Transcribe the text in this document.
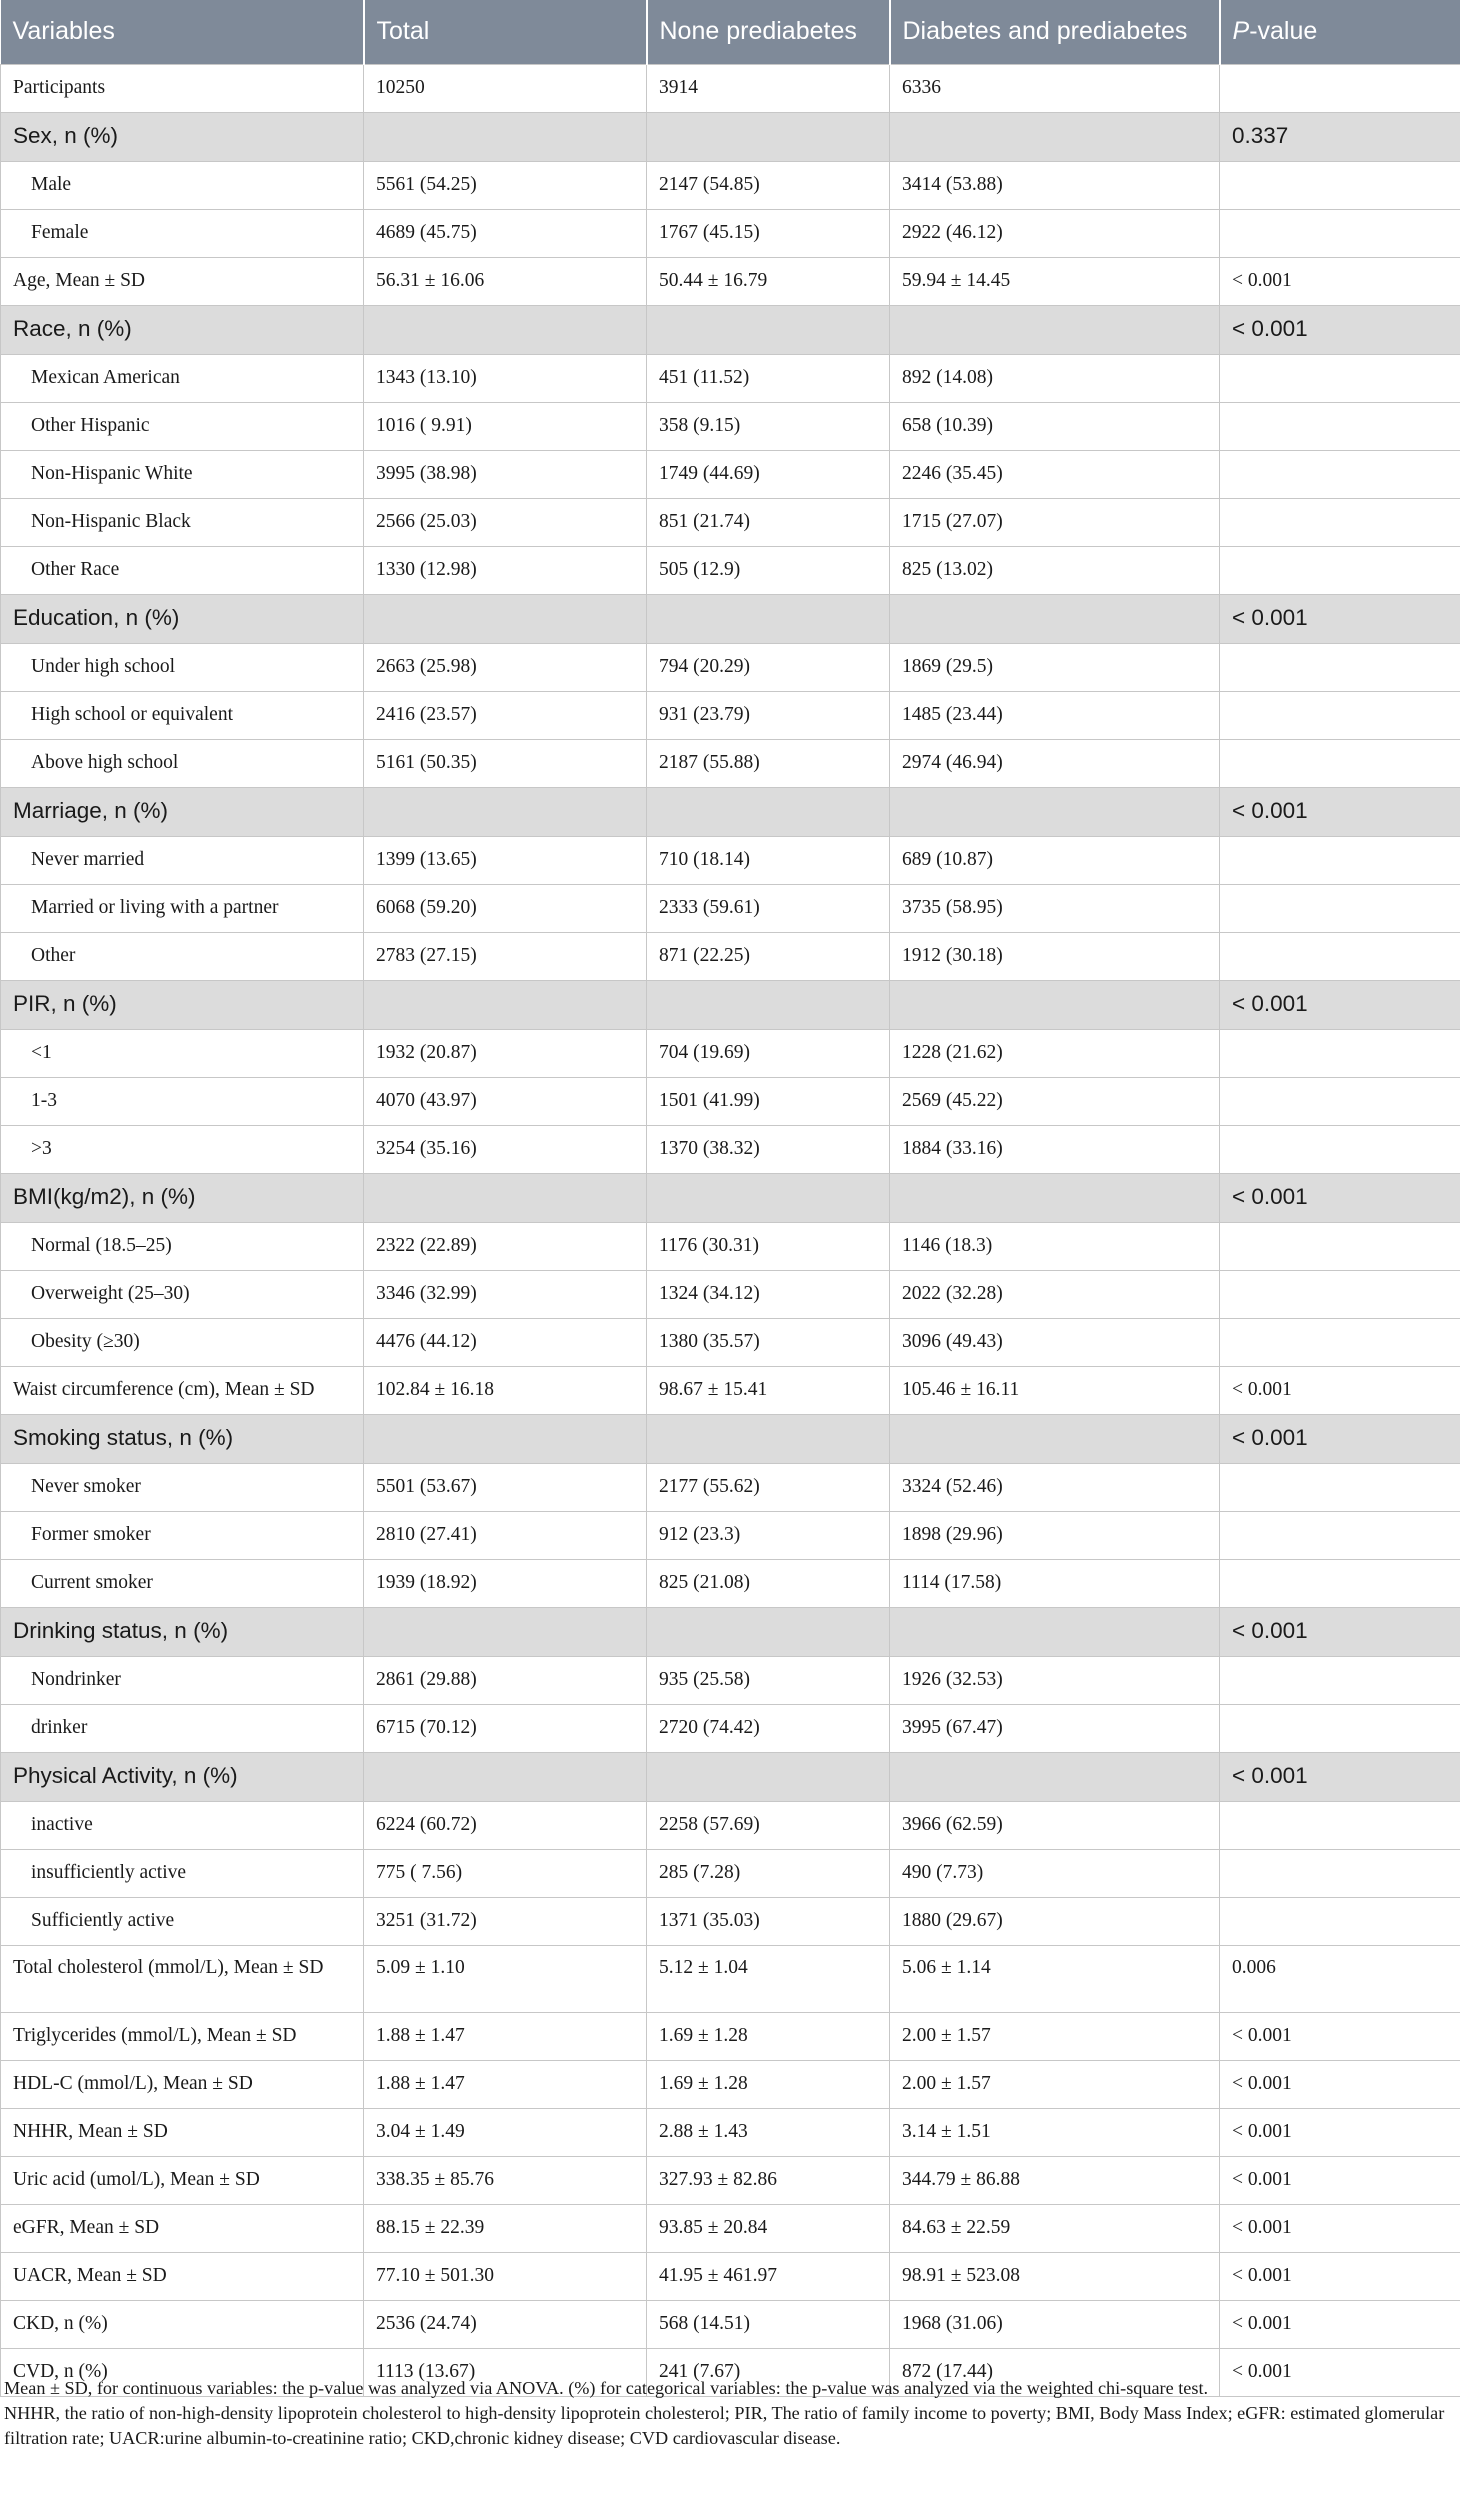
Variables	Total	None prediabetes	Diabetes and prediabetes	P-value
Participants	10250	3914	6336	
Sex, n (%)				0.337
Male	5561 (54.25)	2147 (54.85)	3414 (53.88)	
Female	4689 (45.75)	1767 (45.15)	2922 (46.12)	
Age, Mean ± SD	56.31 ± 16.06	50.44 ± 16.79	59.94 ± 14.45	< 0.001
Race, n (%)				< 0.001
Mexican American	1343 (13.10)	451 (11.52)	892 (14.08)	
Other Hispanic	1016 ( 9.91)	358 (9.15)	658 (10.39)	
Non-Hispanic White	3995 (38.98)	1749 (44.69)	2246 (35.45)	
Non-Hispanic Black	2566 (25.03)	851 (21.74)	1715 (27.07)	
Other Race	1330 (12.98)	505 (12.9)	825 (13.02)	
Education, n (%)				< 0.001
Under high school	2663 (25.98)	794 (20.29)	1869 (29.5)	
High school or equivalent	2416 (23.57)	931 (23.79)	1485 (23.44)	
Above high school	5161 (50.35)	2187 (55.88)	2974 (46.94)	
Marriage, n (%)				< 0.001
Never married	1399 (13.65)	710 (18.14)	689 (10.87)	
Married or living with a partner	6068 (59.20)	2333 (59.61)	3735 (58.95)	
Other	2783 (27.15)	871 (22.25)	1912 (30.18)	
PIR, n (%)				< 0.001
<1	1932 (20.87)	704 (19.69)	1228 (21.62)	
1-3	4070 (43.97)	1501 (41.99)	2569 (45.22)	
>3	3254 (35.16)	1370 (38.32)	1884 (33.16)	
BMI(kg/m2), n (%)				< 0.001
Normal (18.5–25)	2322 (22.89)	1176 (30.31)	1146 (18.3)	
Overweight (25–30)	3346 (32.99)	1324 (34.12)	2022 (32.28)	
Obesity (≥30)	4476 (44.12)	1380 (35.57)	3096 (49.43)	
Waist circumference (cm), Mean ± SD	102.84 ± 16.18	98.67 ± 15.41	105.46 ± 16.11	< 0.001
Smoking status, n (%)				< 0.001
Never smoker	5501 (53.67)	2177 (55.62)	3324 (52.46)	
Former smoker	2810 (27.41)	912 (23.3)	1898 (29.96)	
Current smoker	1939 (18.92)	825 (21.08)	1114 (17.58)	
Drinking status, n (%)				< 0.001
Nondrinker	2861 (29.88)	935 (25.58)	1926 (32.53)	
drinker	6715 (70.12)	2720 (74.42)	3995 (67.47)	
Physical Activity, n (%)				< 0.001
inactive	6224 (60.72)	2258 (57.69)	3966 (62.59)	
insufficiently active	775 ( 7.56)	285 (7.28)	490 (7.73)	
Sufficiently active	3251 (31.72)	1371 (35.03)	1880 (29.67)	
Total cholesterol (mmol/L), Mean ± SD	5.09 ± 1.10	5.12 ± 1.04	5.06 ± 1.14	0.006
Triglycerides (mmol/L), Mean ± SD	1.88 ± 1.47	1.69 ± 1.28	2.00 ± 1.57	< 0.001
HDL-C (mmol/L), Mean ± SD	1.88 ± 1.47	1.69 ± 1.28	2.00 ± 1.57	< 0.001
NHHR, Mean ± SD	3.04 ± 1.49	2.88 ± 1.43	3.14 ± 1.51	< 0.001
Uric acid (umol/L), Mean ± SD	338.35 ± 85.76	327.93 ± 82.86	344.79 ± 86.88	< 0.001
eGFR, Mean ± SD	88.15 ± 22.39	93.85 ± 20.84	84.63 ± 22.59	< 0.001
UACR, Mean ± SD	77.10 ± 501.30	41.95 ± 461.97	98.91 ± 523.08	< 0.001
CKD, n (%)	2536 (24.74)	568 (14.51)	1968 (31.06)	< 0.001
CVD, n (%)	1113 (13.67)	241 (7.67)	872 (17.44)	< 0.001

Mean ± SD, for continuous variables: the p-value was analyzed via ANOVA. (%) for categorical variables: the p-value was analyzed via the weighted chi-square test.

NHHR, the ratio of non-high-density lipoprotein cholesterol to high-density lipoprotein cholesterol; PIR, The ratio of family income to poverty; BMI, Body Mass Index; eGFR: estimated glomerular filtration rate; UACR:urine albumin-to-creatinine ratio; CKD,chronic kidney disease; CVD cardiovascular disease.
